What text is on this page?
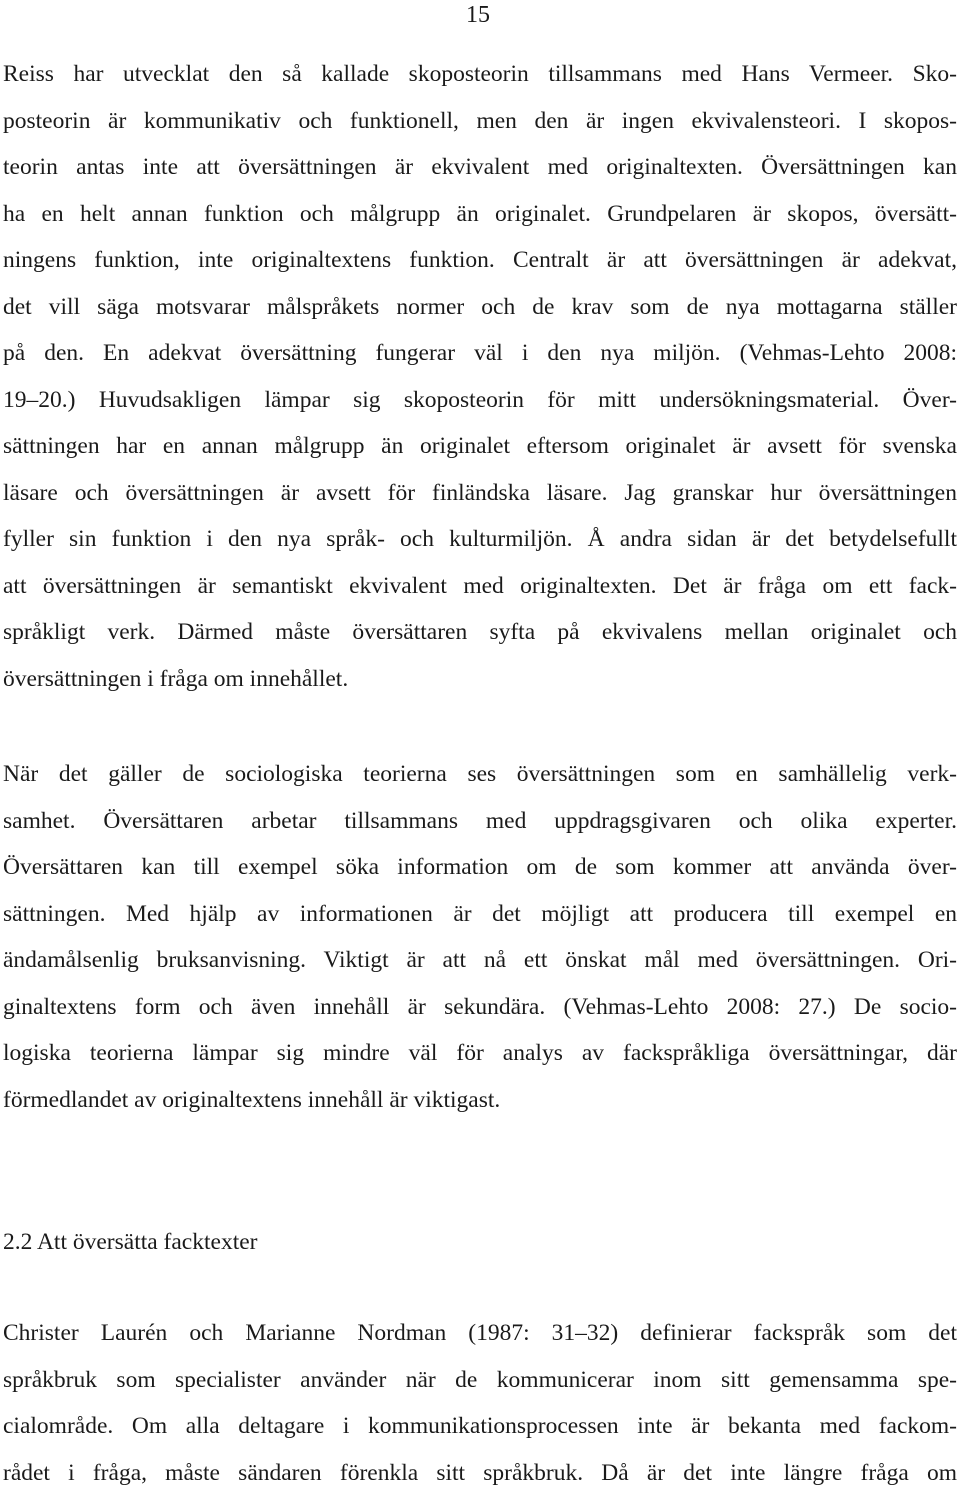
15
Reiss har utvecklat den så kallade skoposteorin tillsammans med Hans Vermeer. Sko-
posteorin är kommunikativ och funktionell, men den är ingen ekvivalensteori. I skopos-
teorin antas inte att översättningen är ekvivalent med originaltexten. Översättningen kan
ha en helt annan funktion och målgrupp än originalet. Grundpelaren är skopos, översätt-
ningens funktion, inte originaltextens funktion. Centralt är att översättningen är adekvat,
det vill säga motsvarar målspråkets normer och de krav som de nya mottagarna ställer
på den. En adekvat översättning fungerar väl i den nya miljön. (Vehmas-Lehto 2008:
19–20.) Huvudsakligen lämpar sig skoposteorin för mitt undersökningsmaterial. Över-
sättningen har en annan målgrupp än originalet eftersom originalet är avsett för svenska
läsare och översättningen är avsett för finländska läsare. Jag granskar hur översättningen
fyller sin funktion i den nya språk- och kulturmiljön. Å andra sidan är det betydelsefullt
att översättningen är semantiskt ekvivalent med originaltexten. Det är fråga om ett fack-
språkligt verk. Därmed måste översättaren syfta på ekvivalens mellan originalet och
översättningen i fråga om innehållet.
När det gäller de sociologiska teorierna ses översättningen som en samhällelig verk-
samhet. Översättaren arbetar tillsammans med uppdragsgivaren och olika experter.
Översättaren kan till exempel söka information om de som kommer att använda över-
sättningen. Med hjälp av informationen är det möjligt att producera till exempel en
ändamålsenlig bruksanvisning. Viktigt är att nå ett önskat mål med översättningen. Ori-
ginaltextens form och även innehåll är sekundära. (Vehmas-Lehto 2008: 27.) De socio-
logiska teorierna lämpar sig mindre väl för analys av fackspråkliga översättningar, där
förmedlandet av originaltextens innehåll är viktigast.
2.2 Att översätta facktexter
Christer Laurén och Marianne Nordman (1987: 31–32) definierar fackspråk som det
språkbruk som specialister använder när de kommunicerar inom sitt gemensamma spe-
cialområde. Om alla deltagare i kommunikationsprocessen inte är bekanta med fackom-
rådet i fråga, måste sändaren förenkla sitt språkbruk. Då är det inte längre fråga om
